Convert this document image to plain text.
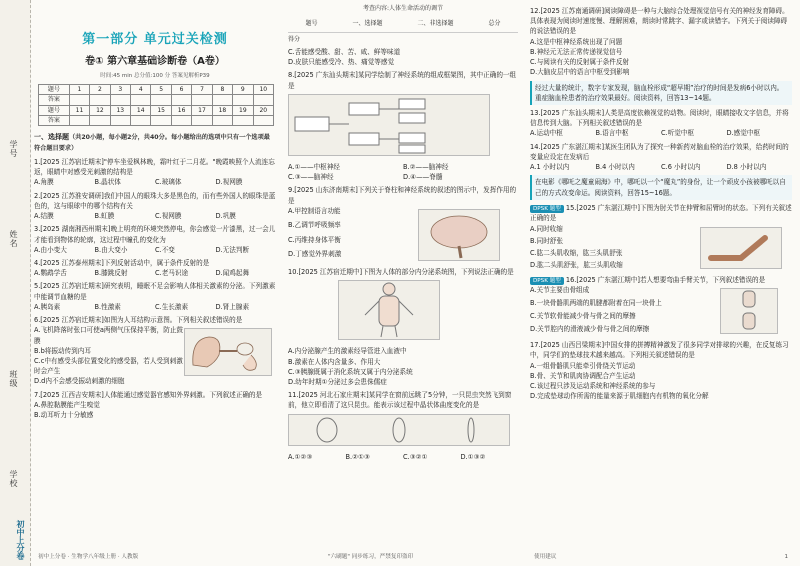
学号
姓名
班级
学校
初中上分卷
第一部分 单元过关检测
卷① 第六章基础诊断卷（A卷）
时间:45 min 总分值:100 分 答案见解析P39
题号	1	2	3	4	5	6	7	8	9	10
答案										
题号	11	12	13	14	15	16	17	18	19	20
答案										
一、选择题（共20小题，每小题2分，共40分。每小题给出的选项中只有一个选项最符合题目要求）
1.[2025 江苏宿迁期末]"停车坐爱枫林晚，霜叶红于二月花。"晚霞映照个人流连忘返，眼睛中对感受光刺激的结构是
A.角膜	B.晶状体	C.玻璃体	D.视网膜
2.[2025 江苏淮安调研]我们中国人的眼珠大多是黑色的，而有些外国人的眼珠是蓝色的，这与眼球中的哪个结构有关
A.结膜	B.虹膜	C.视网膜	D.巩膜
3.[2025 湖南湘西州期末]晚上明亮的环境突然停电，你会感觉一片漆黑，过一会儿才能看到物体的轮廓，这过程中瞳孔的变化为
A.由小变大	B.由大变小	C.不变	D.无法判断
4.[2025 江苏泰州期末]下列反射活动中，属于条件反射的是
A.鹦鹉学舌	B.膝跳反射	C.老马识途	D.闻鸡起舞
5.[2025 江苏宿迁期末]研究表明，睡眠不足会影响人体相关激素的分泌。下列激素中能调节血糖的是
A.胰岛素	B.性激素	C.生长激素	D.肾上腺素
6.[2025 江苏宿迁期末]如图为人耳结构示意图。下列相关叙述错误的是
A.飞机降落时张口可使a两侧气压保持平衡，防止鼓膜
B.b将振动传到内耳
C.c中有感受头部位置变化的感受器，若人受到刺激时会产生
D.d内不会感受振动刺激的细胞
7.[2025 江西吉安期末]人体能通过感觉器官感知外界刺激。下列叙述正确的是
A.鼻腔黏膜能产生嗅觉
B.动耳听力十分敏感
初中上分卷 · 生物学八年级上册 · 人教版
考查内容:人体生命活动的调节
题号	一、选择题	二、非选择题	总分
得分
C.舌能感受酸、甜、苦、咸、鲜等味道
D.皮肤只能感受冷、热、痛觉等感觉
8.[2025 广东汕头期末]某同学绘制了神经系统的组成框架图，其中正确的一组是
A.①——中枢神经	B.②——脑神经
C.③——脑神经	D.④——脊髓
9.[2025 山东济南期末]下列关于脊柱和神经系统的叙述的图示中，发挥作用的是
A.甲控制语言功能
B.乙调节呼吸频率
C.丙维持身体平衡
D.丁感觉外界刺激
10.[2025 江苏宿迁期中]下图为人体的部分内分泌系统图，下列说法正确的是
A.内分泌腺产生的激素经导管进入血液中
B.激素在人体内含量多、作用大
C.③胰腺既属于消化系统又属于内分泌系统
D.幼年时期①分泌过多会患侏儒症
11.[2025 河北石家庄期末]某同学在窗前远眺了5分钟，一只昆虫突然飞到窗前，他立即看清了这只昆虫。能表示该过程中晶状体曲度变化的是
A.①②③	B.②①③	C.③②①	D.①③②
"六刷题" 同步练习，严禁复印盗印
12.[2025 江苏南通调研]阅读障碍是一种与大脑综合处理视觉信号有关的神经发育障碍。具体表现为阅读时速度慢、理解困难，朗读时常跳字、漏字或读错字。下列关于阅读障碍的说法错误的是
A.这是中枢神经系统出现了问题
B.神经元无法正常传递视觉信号
C.与阅读有关的反射属于条件反射
D.大脑皮层中的语言中枢受到影响
经过大量的统计，数字专家发现，脑血栓形成“超早期”治疗的时间是发病6小时以内。重症脑血栓患者的治疗效果最好。阅读资料，回答13~14题。
13.[2025 广东汕头期末]人类是高度依赖视觉的动物。阅读时，眼睛接收文字信息，并将信息传到大脑。下列相关叙述错误的是
A.运动中枢	B.语言中枢	C.听觉中枢	D.感觉中枢
14.[2025 广东湛江期末]某医生团队为了探究一种新药对脑血栓的治疗效果，给药时间的变量应设定在发病后
A.1 小时以内	B.4 小时以内	C.6 小时以内	D.8 小时以内
在电影《哪吒之魔童闹海》中，哪吒以一个“魔丸”的身份，让一个顽皮小孩被哪吒以自己的方式改变命运。阅读资料，回答15~16题。
DPSK 题型 15.[2025 广东湛江期中]下图为肘关节在伸臂和屈臂时的状态。下列有关叙述正确的是
A.同时收缩
B.同时舒张
C.肱二头肌收缩，肱三头肌舒张
D.肱二头肌舒张，肱三头肌收缩
DPSK 题型 16.[2025 广东湛江期中]若人想要弯曲手臂关节，下列叙述错误的是
A.关节主要由骨组成
B.一块骨骼肌两端的肌腱都附着在同一块骨上
C.关节软骨能减少骨与骨之间的摩擦
D.关节腔内的滑液减少骨与骨之间的摩擦
17.[2025 山西吕梁期末]中国女排的拼搏精神激发了很多同学对排球的兴趣，在反复练习中，同学们的垫球技术越来越高。下列相关叙述错误的是
A.一组骨骼肌只能牵引骨绕关节运动
B.骨、关节和肌肉协调配合产生运动
C.该过程只涉及运动系统和神经系统的参与
D.完成垫球动作所需的能量来源于肌细胞内有机物的氧化分解
使用建议	1
